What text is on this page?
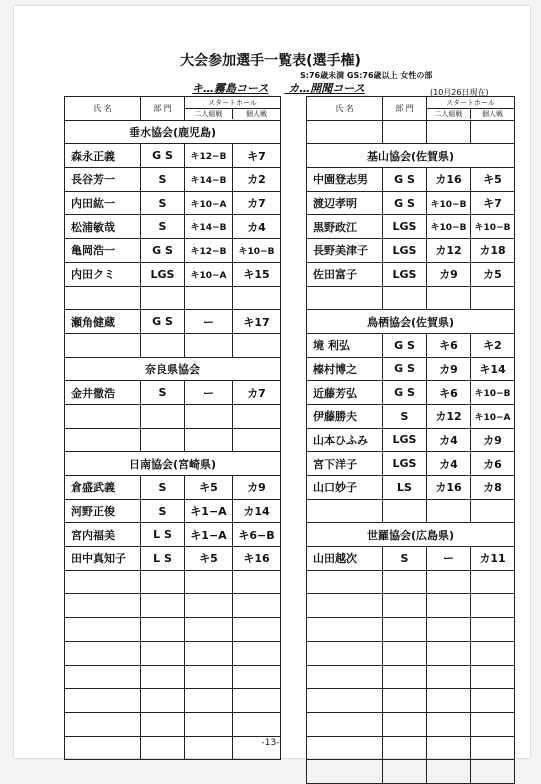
大会参加選手一覧表(選手権)
S:76歳未満 GS:76歳以上 女性の部
キ…霧島コース カ…開聞コース	(10月26日現在)
氏 名	部 門	スタートホール
二人組戦 個人戦	

垂水協会(鹿児島)			
森永正義	G S	キ12−B	キ7
長谷芳一	S	キ14−B	カ2
内田紘一	S	キ10−A	カ7
松浦敏哉	S	キ14−B	カ4
亀岡浩一	G S	キ12−B	キ10−B
内田クミ	LGS	キ10−A	キ15

瀬角健蔵	G S	ー	キ17

奈良県協会			
金井徹浩	S	ー	カ7

日南協会(宮崎県)			
倉盛武義	S	キ5	カ9
河野正俊	S	キ1−A	カ14
宮内福美	L S	キ1−A	キ6−B
田中真知子	L S	キ5	キ16

氏 名	部 門	スタートホール
二人組戦 個人戦	

基山協会(佐賀県)			
中園登志男	G S	カ16	キ5
渡辺孝明	G S	キ10−B	キ7
黒野政江	LGS	キ10−B	キ10−B
長野美津子	LGS	カ12	カ18
佐田富子	LGS	カ9	カ5

鳥栖協会(佐賀県)			
境 利弘	G S	キ6	キ2
榛村博之	G S	カ9	キ14
近藤芳弘	G S	キ6	キ10−B
伊藤勝夫	S	カ12	キ10−A
山本ひふみ	LGS	カ4	カ9
宮下洋子	LGS	カ4	カ6
山口妙子	LS	カ16	カ8

世羅協会(広島県)			
山田越次	S	ー	カ11

-13-
